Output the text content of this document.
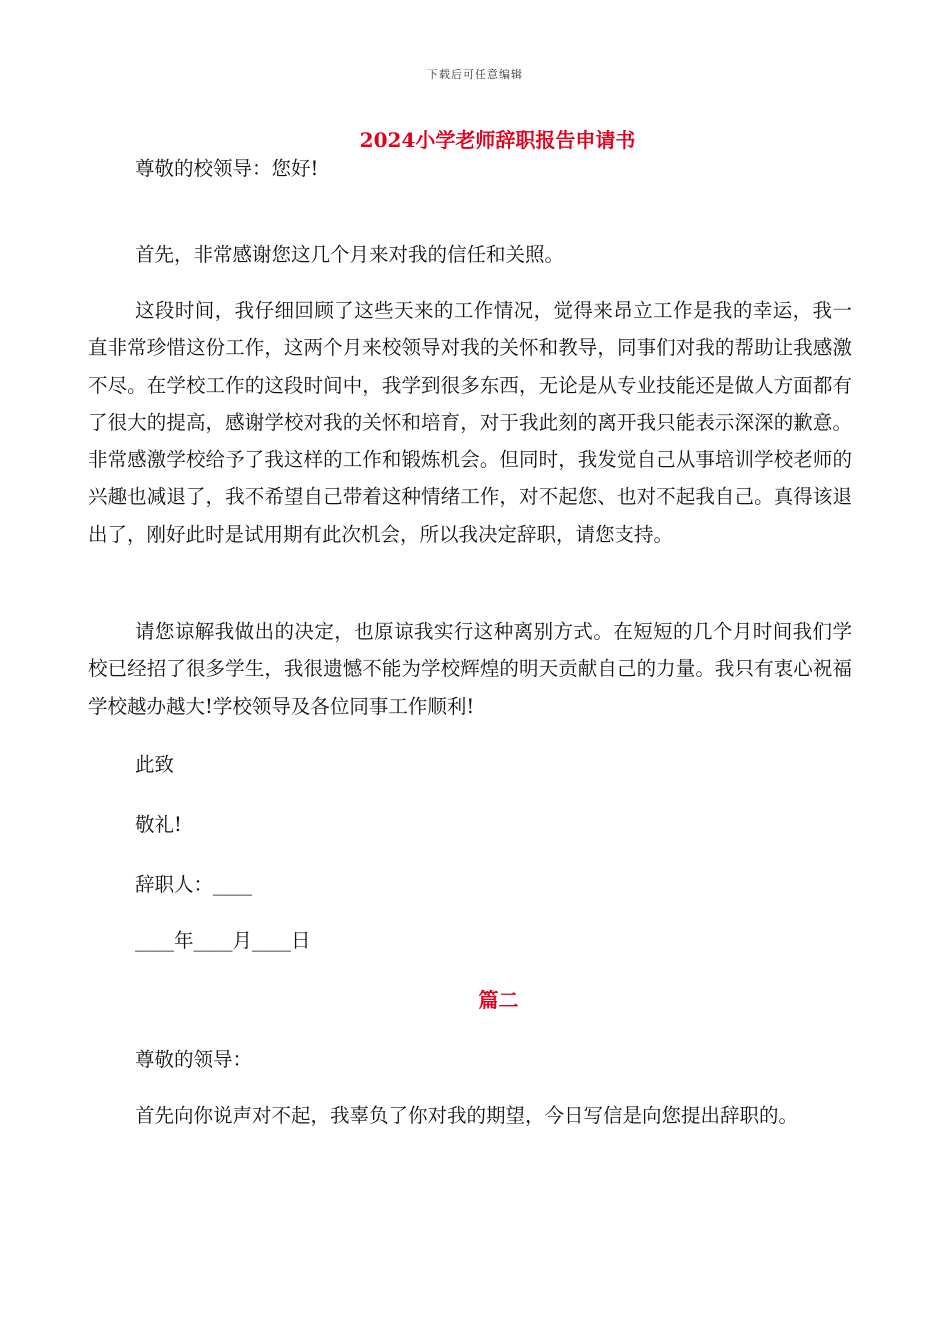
下载后可任意编辑
2024小学老师辞职报告申请书
尊敬的校领导：您好!
首先，非常感谢您这几个月来对我的信任和关照。

这段时间，我仔细回顾了这些天来的工作情况，觉得来昂立工作是我的幸运，我一直非常珍惜这份工作，这两个月来校领导对我的关怀和教导，同事们对我的帮助让我感激不尽。在学校工作的这段时间中，我学到很多东西，无论是从专业技能还是做人方面都有了很大的提高，感谢学校对我的关怀和培育，对于我此刻的离开我只能表示深深的歉意。非常感激学校给予了我这样的工作和锻炼机会。但同时，我发觉自己从事培训学校老师的兴趣也减退了，我不希望自己带着这种情绪工作，对不起您、也对不起我自己。真得该退出了，刚好此时是试用期有此次机会，所以我决定辞职，请您支持。

请您谅解我做出的决定，也原谅我实行这种离别方式。在短短的几个月时间我们学校已经招了很多学生，我很遗憾不能为学校辉煌的明天贡献自己的力量。我只有衷心祝福学校越办越大!学校领导及各位同事工作顺利!

此致
敬礼!
辞职人：____
____年____月____日
篇二
尊敬的领导：

首先向你说声对不起，我辜负了你对我的期望，今日写信是向您提出辞职的。
